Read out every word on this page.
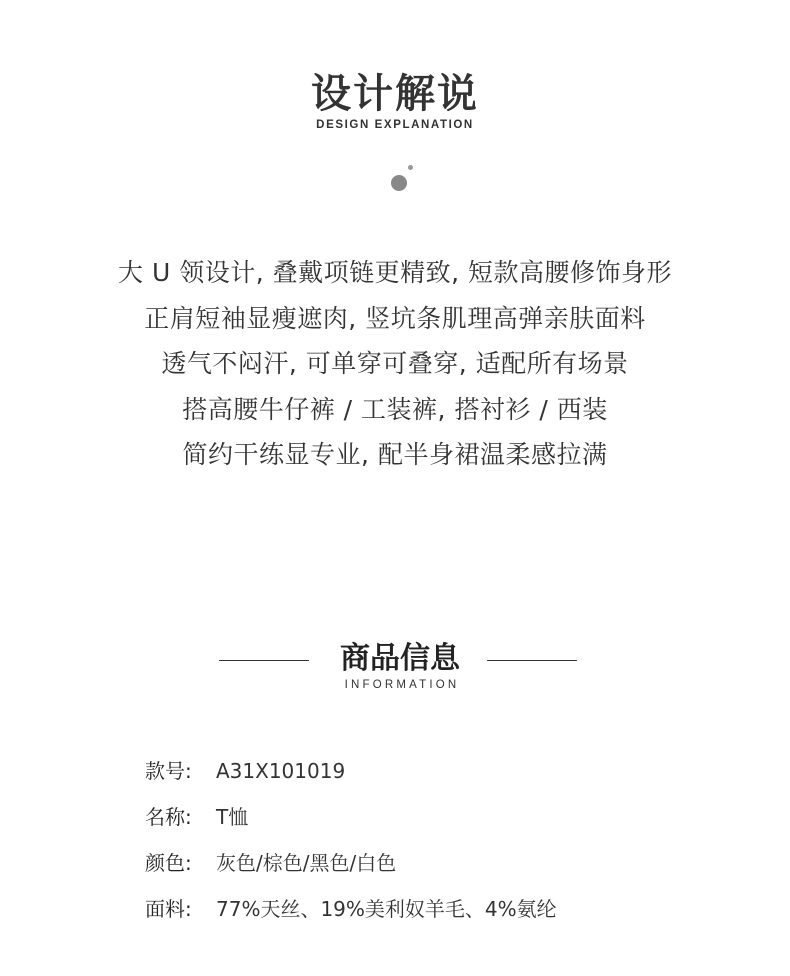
设计解说
DESIGN EXPLANATION
大 U 领设计, 叠戴项链更精致, 短款高腰修饰身形
正肩短袖显瘦遮肉, 竖坑条肌理高弹亲肤面料
透气不闷汗, 可单穿可叠穿, 适配所有场景
搭高腰牛仔裤 / 工装裤, 搭衬衫 / 西装
简约干练显专业, 配半身裙温柔感拉满
商品信息
INFORMATION
款号: A31X101019
名称: T恤
颜色: 灰色/棕色/黑色/白色
面料: 77%天丝、19%美利奴羊毛、4%氨纶
